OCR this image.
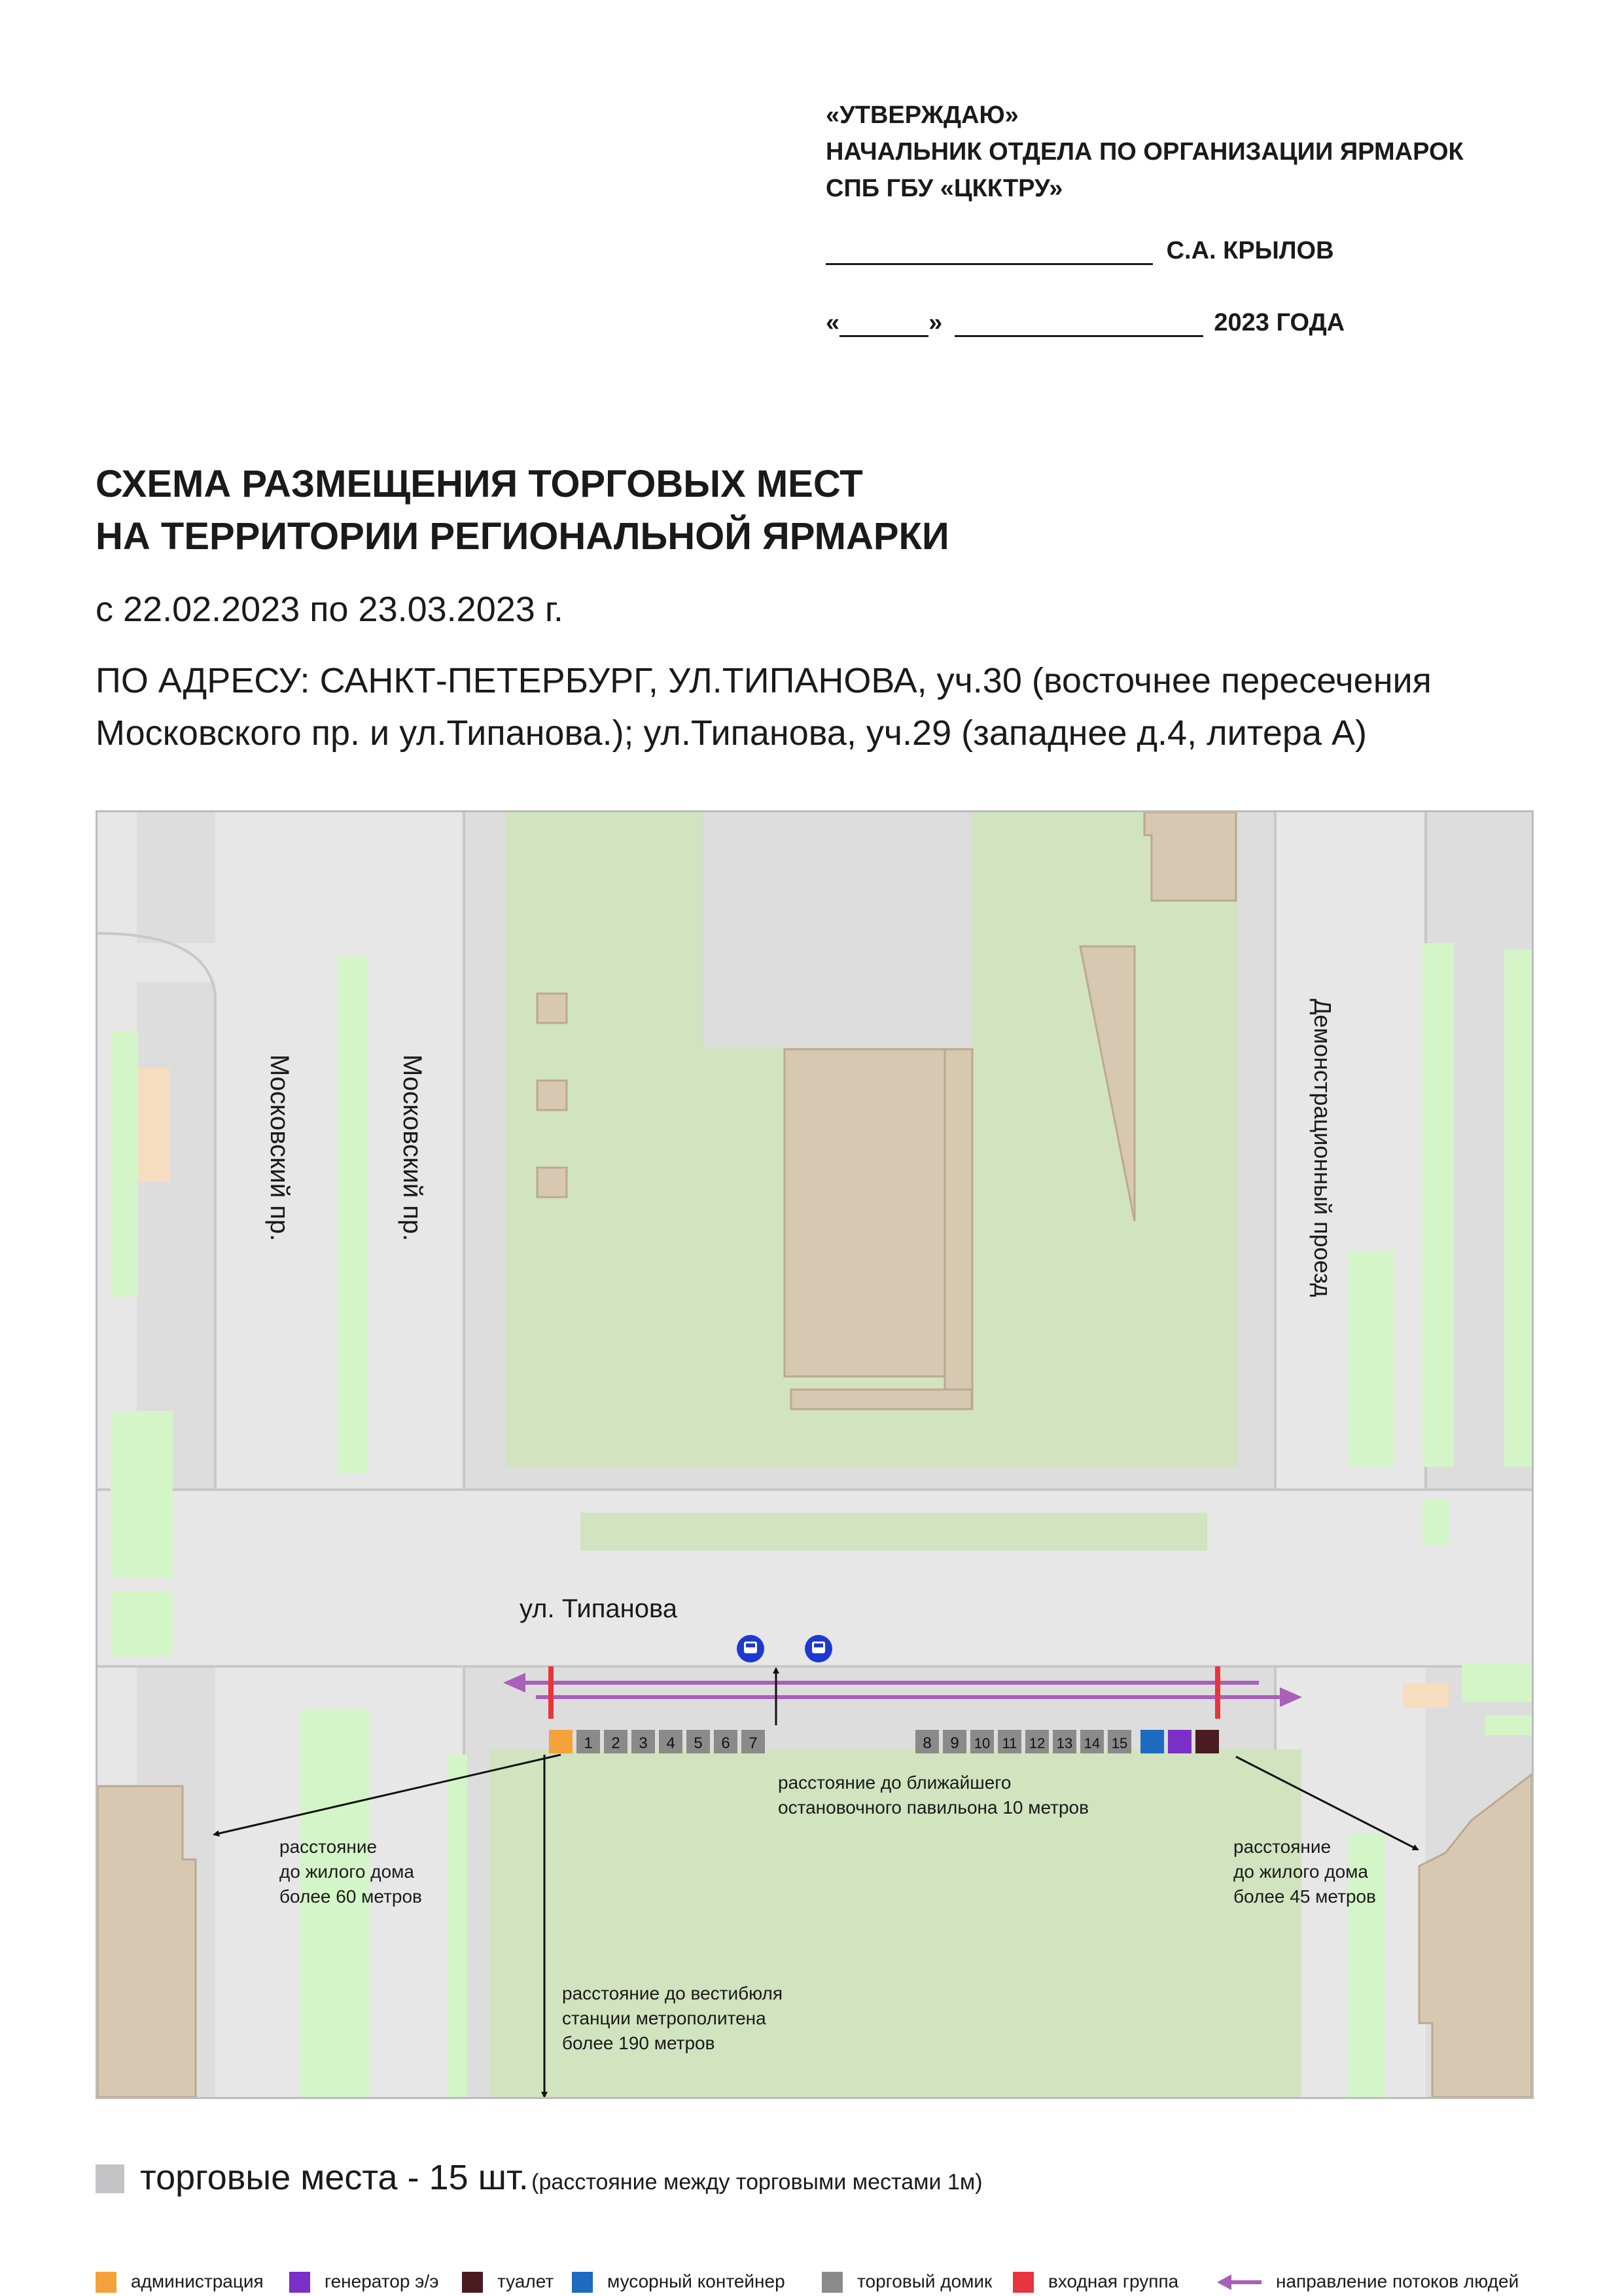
«УТВЕРЖДАЮ»
НАЧАЛЬНИК ОТДЕЛА ПО ОРГАНИЗАЦИИ ЯРМАРОК
СПБ ГБУ «ЦККТРУ»
С.А. КРЫЛОВ
«	»	2023 ГОДА
СХЕМА РАЗМЕЩЕНИЯ ТОРГОВЫХ МЕСТ
НА ТЕРРИТОРИИ РЕГИОНАЛЬНОЙ ЯРМАРКИ
с 22.02.2023 по 23.03.2023 г.
ПО АДРЕСУ: САНКТ-ПЕТЕРБУРГ, УЛ.ТИПАНОВА, уч.30 (восточнее пересечения
Московского пр. и ул.Типанова.); ул.Типанова, уч.29 (западнее д.4, литера А)
Московский пр.	Московский пр.	Демонстрационный проезд
ул. Типанова
1 2 3 4 5 6 7	8 9 10 11 12 13 14 15
расстояние
до жилого дома
более 60 метров
расстояние
до жилого дома
более 45 метров
расстояние до ближайшего
остановочного павильона 10 метров
расстояние до вестибюля
станции метрополитена
более 190 метров
торговые места - 15 шт. (расстояние между торговыми местами 1м)
администрация	генератор э/э	туалет	мусорный контейнер	торговый домик	входная группа	направление потоков людей
